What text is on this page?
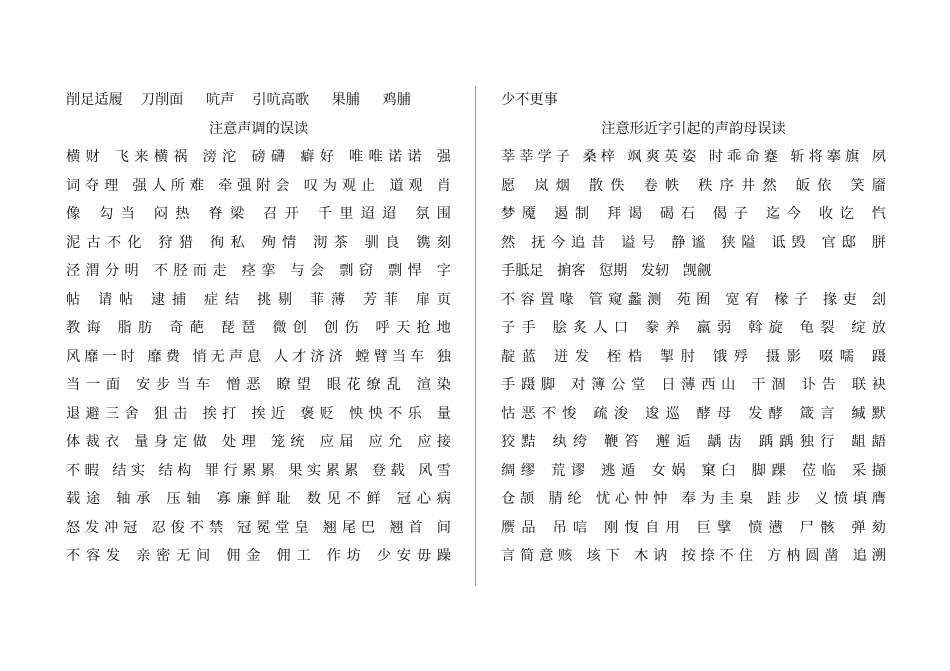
削足适履    刀削面     吭声    引吭高歌     果脯     鸡脯
注意声调的误读
横财 飞来横祸 滂沱 磅礴 癖好 唯唯诺诺 强
词夺理 强人所难 牵强附会 叹为观止 道观 肖
像 勾当 闷热 脊梁 召开 千里迢迢 氛围
泥古不化 狩猎 徇私 殉情 沏茶 驯良 镌刻
泾渭分明 不胫而走 痉挛 与会 剽窃 剽悍 字
帖 请帖 逮捕 症结 挑剔 菲薄 芳菲 扉页
教诲 脂肪 奇葩 琵琶 微创 创伤 呼天抢地
风靡一时 靡费 悄无声息 人才济济 螳臂当车 独
当一面 安步当车 憎恶 瞭望 眼花缭乱 渲染
退避三舍 狙击 挨打 挨近 褒贬 怏怏不乐 量
体裁衣 量身定做 处理 笼统 应届 应允 应接
不暇 结实 结构 罪行累累 果实累累 登载 风雪
载途 轴承 压轴 寡廉鲜耻 数见不鲜 冠心病
怒发冲冠 忍俊不禁 冠冕堂皇 翘尾巴 翘首 间
不容发 亲密无间 佣金 佣工 作坊 少安毋躁
少不更事
注意形近字引起的声韵母误读
莘莘学子 桑梓 飒爽英姿 时乖命蹇 斩将搴旗 夙
愿 岚烟 散佚 卷帙 秩序井然 皈依 笑靥
梦魇 遏制 拜谒 碣石 偈子 迄今 收讫 忾
然 抚今追昔 谥号 静谧 狭隘 诋毁 官邸 胼
手胝足   掮客   愆期   发轫   觊觎
不容置喙 管窥蠡测 苑囿 宽宥 椽子 掾吏 刽
子手 脍炙人口 豢养 羸弱 斡旋 龟裂 绽放
靛蓝 迸发 桎梏 掣肘 饿殍 摄影 啜嚅 蹑
手蹑脚 对簿公堂 日薄西山 干涸 讣告 联袂
怙恶不悛 疏浚 逡巡 酵母 发酵 箴言 缄默
狡黠 纨绔 鞭笞 邂逅 龋齿 踽踽独行 龃龉
绸缪 荒谬 逃遁 女娲 窠臼 脚踝 莅临 采撷
仓颉 腈纶 忧心忡忡 奉为圭臬 跬步 义愤填膺
赝品 吊唁 刚愎自用 巨擘 愤懑 尸骸 弹劾
言简意赅 垓下 木讷 按捺不住 方枘圆凿 追溯
